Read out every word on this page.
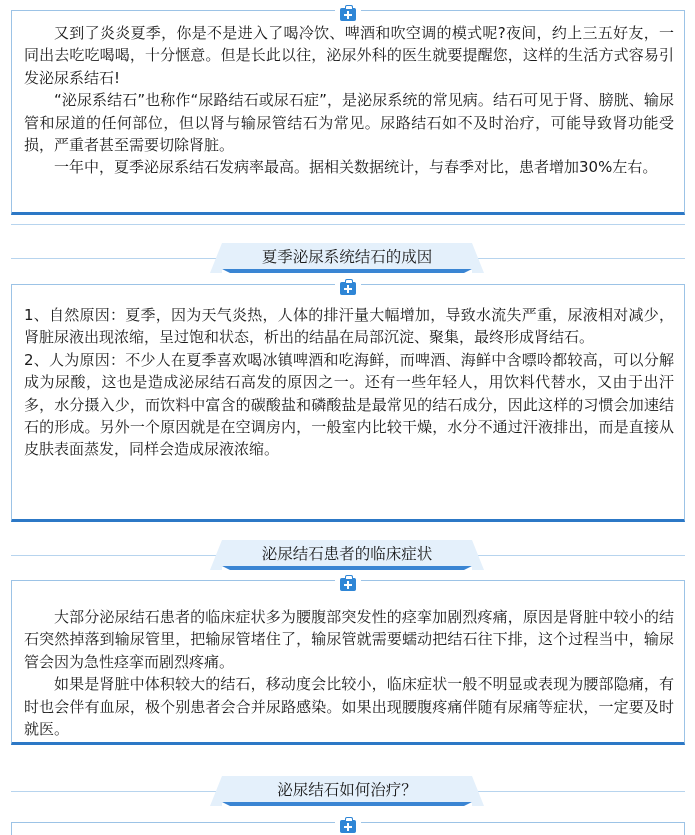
又到了炎炎夏季，你是不是进入了喝冷饮、啤酒和吹空调的模式呢?夜间，约上三五好友，一同出去吃吃喝喝，十分惬意。但是长此以往，泌尿外科的医生就要提醒您，这样的生活方式容易引发泌尿系结石!

“泌尿系结石”也称作“尿路结石或尿石症”，是泌尿系统的常见病。结石可见于肾、膀胱、输尿管和尿道的任何部位，但以肾与输尿管结石为常见。尿路结石如不及时治疗，可能导致肾功能受损，严重者甚至需要切除肾脏。

一年中，夏季泌尿系结石发病率最高。据相关数据统计，与春季对比，患者增加30%左右。

夏季泌尿系统结石的成因

1、自然原因：夏季，因为天气炎热，人体的排汗量大幅增加，导致水流失严重，尿液相对减少，肾脏尿液出现浓缩，呈过饱和状态，析出的结晶在局部沉淀、聚集，最终形成肾结石。

2、人为原因：不少人在夏季喜欢喝冰镇啤酒和吃海鲜，而啤酒、海鲜中含嘌呤都较高，可以分解成为尿酸，这也是造成泌尿结石高发的原因之一。还有一些年轻人，用饮料代替水，又由于出汗多，水分摄入少，而饮料中富含的碳酸盐和磷酸盐是最常见的结石成分，因此这样的习惯会加速结石的形成。另外一个原因就是在空调房内，一般室内比较干燥，水分不通过汗液排出，而是直接从皮肤表面蒸发，同样会造成尿液浓缩。

泌尿结石患者的临床症状

大部分泌尿结石患者的临床症状多为腰腹部突发性的痉挛加剧烈疼痛，原因是肾脏中较小的结石突然掉落到输尿管里，把输尿管堵住了，输尿管就需要蠕动把结石往下排，这个过程当中，输尿管会因为急性痉挛而剧烈疼痛。

如果是肾脏中体积较大的结石，移动度会比较小，临床症状一般不明显或表现为腰部隐痛，有时也会伴有血尿，极个别患者会合并尿路感染。如果出现腰腹疼痛伴随有尿痛等症状，一定要及时就医。

泌尿结石如何治疗？
